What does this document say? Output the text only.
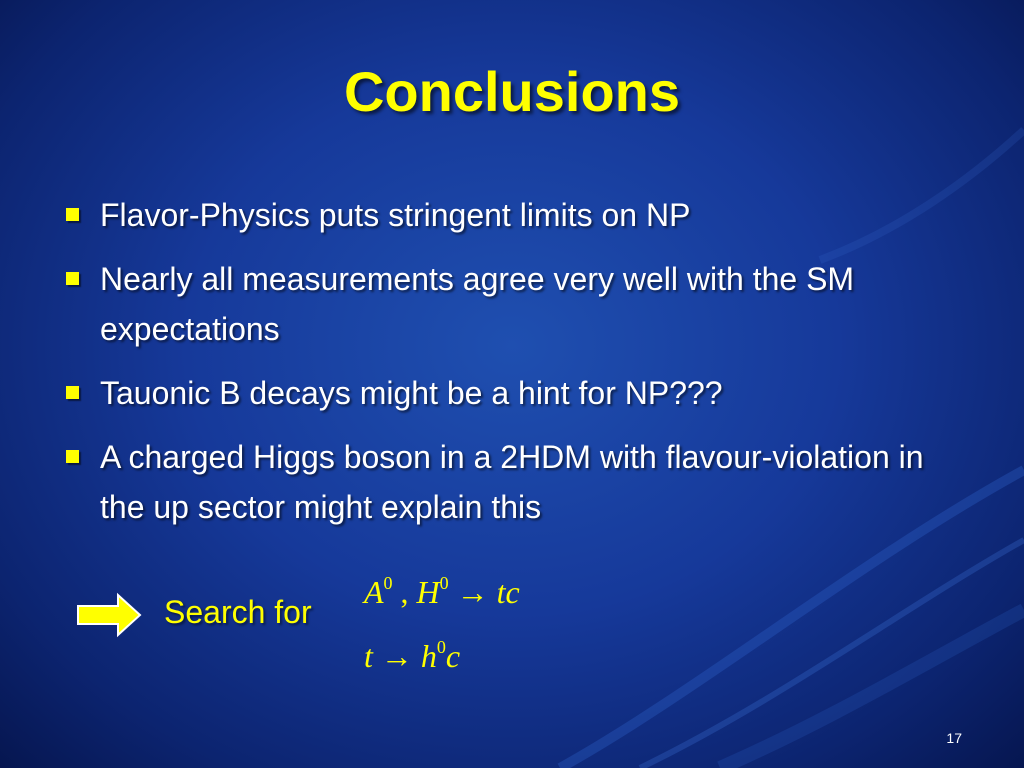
Conclusions
Flavor-Physics puts stringent limits on NP
Nearly all measurements agree very well with the SM expectations
Tauonic B decays might be a hint for NP???
A charged Higgs boson in a 2HDM with flavour-violation in the up sector might explain this
Search for
$A^0$ , $H^0$ → tc
$t \to h^0c$
17
